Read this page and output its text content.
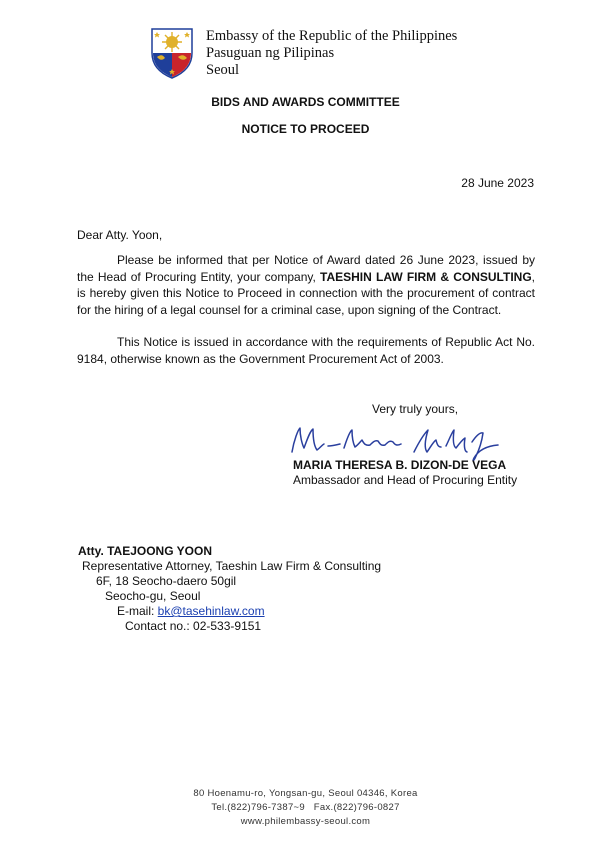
Embassy of the Republic of the Philippines
Pasuguan ng Pilipinas
Seoul
BIDS AND AWARDS COMMITTEE
NOTICE TO PROCEED
28 June 2023
Dear Atty. Yoon,
Please be informed that per Notice of Award dated 26 June 2023, issued by the Head of Procuring Entity, your company, TAESHIN LAW FIRM & CONSULTING, is hereby given this Notice to Proceed in connection with the procurement of contract for the hiring of a legal counsel for a criminal case, upon signing of the Contract.
This Notice is issued in accordance with the requirements of Republic Act No. 9184, otherwise known as the Government Procurement Act of 2003.
Very truly yours,
MARIA THERESA B. DIZON-DE VEGA
Ambassador and Head of Procuring Entity
Atty. TAEJOONG YOON
Representative Attorney, Taeshin Law Firm & Consulting
6F, 18 Seocho-daero 50gil
Seocho-gu, Seoul
E-mail: bk@tasehinlaw.com
Contact no.: 02-533-9151
80 Hoenamu-ro, Yongsan-gu, Seoul 04346, Korea
Tel.(822)796-7387~9   Fax.(822)796-0827
www.philembassy-seoul.com
